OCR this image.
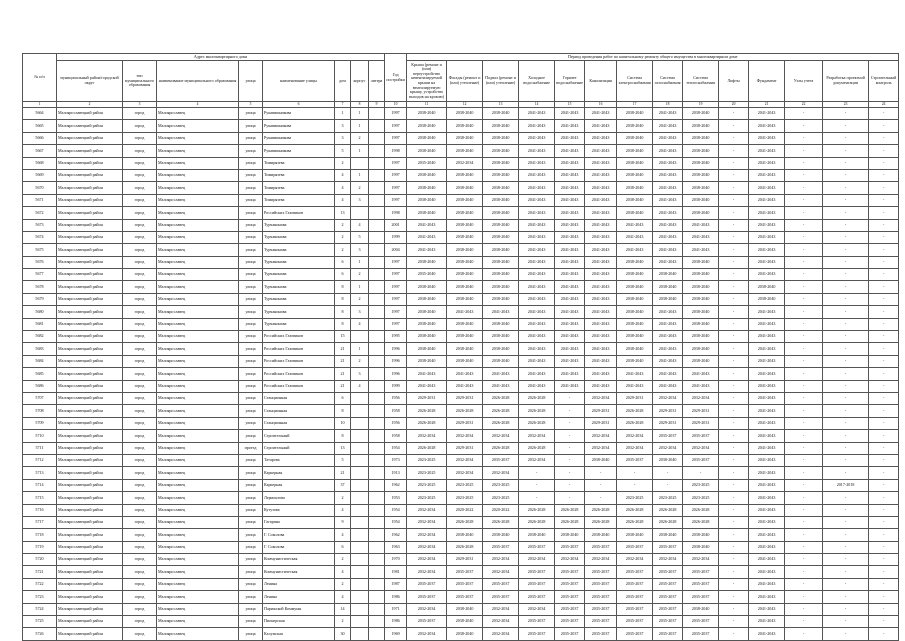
№ п/п	Адрес многоквартирного дома								Год постройки	Период проведения работ по капитальному ремонту общего имущества в многоквартирном доме													
	муниципальный район/городской округ	тип муниципального образования	наименование муниципального образования	улица	наименование улицы	дом	корпус	литера		Крыша (ремонт и (или) переустройство невентилируемой крыши на вентилируемую крышу, устройство выходов на кровлю)	Фасады (ремонт и (или) утепление)	Подвал (ремонт и (или) утепление)	Холодное водоснабжение	Горячее водоснабжение	Канализация	Система электроснабжения	Система газоснабжения	Система теплоснабжения	Лифты	Фундамент	Узлы учета	Разработка проектной документации	Строительный контроль
1	2	3	4	5	6	7	8	9	10	11	12	13	14	15	16	17	18	19	20	21	22	23	24
5664	Малоярославецкий район	город	Малоярославец	улица	Рукавишникова	1	1		1997	2038-2040	2038-2040	2038-2040	2041-2043	2041-2043	2041-2043	2038-2040	2041-2043	2038-2040	-	2041-2043	-	-	-
5665	Малоярославецкий район	город	Малоярославец	улица	Рукавишникова	3	1		1997	2038-2040	2038-2040	2038-2040	2041-2043	2041-2043	2041-2043	2038-2040	2041-2043	2038-2040	-	2041-2043	-	-	-
5666	Малоярославецкий район	город	Малоярославец	улица	Рукавишникова	3	2		1997	2038-2040	2038-2040	2038-2040	2041-2043	2041-2043	2041-2043	2038-2040	2041-2043	2038-2040	-	2041-2043	-	-	-
5667	Малоярославецкий район	город	Малоярославец	улица	Рукавишникова	5	1		1998	2038-2040	2038-2040	2038-2040	2041-2043	2041-2043	2041-2043	2038-2040	2041-2043	2038-2040	-	2041-2043	-	-	-
5668	Малоярославецкий район	город	Малоярославец	улица	Тимирязева	2			1997	2035-2040	2032-2034	2038-2040	2041-2043	2041-2043	2041-2043	2038-2040	2041-2043	2038-2040	-	2041-2043	-	-	-
5669	Малоярославецкий район	город	Малоярославец	улица	Тимирязева	4	1		1997	2038-2040	2038-2040	2038-2040	2041-2043	2041-2043	2041-2043	2038-2040	2041-2043	2038-2040	-	2041-2043	-	-	-
5670	Малоярославецкий район	город	Малоярославец	улица	Тимирязева	4	2		1997	2038-2040	2038-2040	2038-2040	2041-2043	2041-2043	2041-2043	2038-2040	2041-2043	2038-2040	-	2041-2043	-	-	-
5671	Малоярославецкий район	город	Малоярославец	улица	Тимирязева	4	3		1997	2038-2040	2038-2040	2038-2040	2041-2043	2041-2043	2041-2043	2038-2040	2041-2043	2038-2040	-	2041-2043	-	-	-
5672	Малоярославецкий район	город	Малоярославец	улица	Российских Газовиков	13			1998	2038-2040	2038-2040	2038-2040	2041-2043	2041-2043	2041-2043	2038-2040	2041-2043	2038-2040	-	2041-2043	-	-	-
5673	Малоярославецкий район	город	Малоярославец	улица	Турчанинова	2	4		2001	2041-2043	2038-2040	2038-2040	2041-2043	2041-2043	2041-2043	2041-2043	2041-2043	2041-2043	-	2041-2043	-	-	-
5674	Малоярославецкий район	город	Малоярославец	улица	Турчанинова	2	5		1999	2041-2043	2038-2040	2038-2040	2041-2043	2041-2043	2041-2043	2041-2043	2041-2043	2041-2043	-	2041-2043	-	-	-
5675	Малоярославецкий район	город	Малоярославец	улица	Турчанинова	2	3		2004	2041-2043	2038-2040	2038-2040	2041-2043	2041-2043	2041-2043	2041-2043	2041-2043	2041-2043	-	2041-2043	-	-	-
5676	Малоярославецкий район	город	Малоярославец	улица	Турчанинова	6	1		1997	2038-2040	2038-2040	2038-2040	2041-2043	2041-2043	2041-2043	2038-2040	2041-2043	2038-2040	-	2041-2043	-	-	-
5677	Малоярославецкий район	город	Малоярославец	улица	Турчанинова	6	2		1997	2035-2040	2038-2040	2038-2040	2041-2043	2041-2043	2041-2043	2038-2040	2038-2040	2038-2040	-	2041-2043	-	-	-
5678	Малоярославецкий район	город	Малоярославец	улица	Турчанинова	8	1		1997	2038-2040	2038-2040	2038-2040	2041-2043	2041-2043	2041-2043	2038-2040	2038-2040	2038-2040	-	2038-2040	-	-	-
5679	Малоярославецкий район	город	Малоярославец	улица	Турчанинова	8	2		1997	2038-2040	2038-2040	2038-2040	2041-2043	2041-2043	2041-2043	2038-2040	2038-2040	2038-2040	-	2038-2040	-	-	-
5680	Малоярославецкий район	город	Малоярославец	улица	Турчанинова	8	3		1997	2038-2040	2041-2043	2041-2043	2041-2043	2041-2043	2041-2043	2038-2040	2041-2043	2038-2040	-	2041-2043	-	-	-
5681	Малоярославецкий район	город	Малоярославец	улица	Турчанинова	8	4		1997	2038-2040	2038-2040	2038-2040	2041-2043	2041-2043	2041-2043	2038-2040	2041-2043	2038-2040	-	2041-2043	-	-	-
5682	Малоярославецкий район	город	Малоярославец	улица	Российских Газовиков	15			1995	2038-2040	2038-2040	2038-2040	2041-2043	2041-2043	2041-2043	2038-2040	2041-2043	2038-2040	-	2041-2043	-	-	-
5683	Малоярославецкий район	город	Малоярославец	улица	Российских Газовиков	21	1		1996	2038-2040	2038-2040	2038-2040	2041-2043	2041-2043	2041-2043	2038-2040	2041-2043	2038-2040	-	2041-2043	-	-	-
5684	Малоярославецкий район	город	Малоярославец	улица	Российских Газовиков	21	2		1996	2038-2040	2038-2040	2038-2040	2041-2043	2041-2043	2041-2043	2038-2040	2041-2043	2038-2040	-	2041-2043	-	-	-
5685	Малоярославецкий район	город	Малоярославец	улица	Российских Газовиков	21	3		1996	2041-2043	2041-2043	2041-2043	2041-2043	2041-2043	2041-2043	2041-2043	2041-2043	2041-2043	-	2041-2043	-	-	-
5686	Малоярославецкий район	город	Малоярославец	улица	Российских Газовиков	21	4		1999	2041-2043	2041-2043	2041-2043	2041-2043	2041-2043	2041-2043	2041-2043	2041-2043	2041-2043	-	2041-2043	-	-	-
5707	Малоярославецкий район	город	Малоярославец	улица	Станционная	6			1956	2029-2031	2029-2031	2026-2028	2026-2028	-	2032-2034	2029-2031	2032-2034	2032-2034	-	2041-2043	-	-	-
5708	Малоярославецкий район	город	Малоярославец	улица	Станционная	8			1958	2026-2028	2026-2028	2026-2028	2026-2028	-	2029-2031	2026-2028	2029-2031	2029-2031	-	2041-2043	-	-	-
5709	Малоярославецкий район	город	Малоярославец	улица	Станционная	10			1956	2026-2028	2029-2031	2026-2028	2026-2028	-	2029-2031	2026-2028	2029-2031	2029-2031	-	2041-2043	-	-	-
5710	Малоярославецкий район	город	Малоярославец	улица	Строительный	8			1958	2032-2034	2032-2034	2032-2034	2032-2034	-	2032-2034	2032-2034	2035-2037	2035-2037	-	2041-2043	-	-	-
5711	Малоярославецкий район	город	Малоярославец	проезд	Строительный	13			1954	2026-2028	2029-2031	2026-2028	2026-2028	-	2032-2034	2032-2034	2032-2034	2032-2034	-	2041-2043	-	-	-
5712	Малоярославецкий район	город	Малоярославец	улица	Татарова	5			1973	2023-2025	2032-2034	2035-2037	2032-2034	-	2038-2040	2035-2037	2038-2040	2035-2037	-	2041-2043	-	-	-
5713	Малоярославецкий район	город	Малоярославец	улица	Карьерная	21			1913	2023-2025	2032-2034	2032-2034	-	-	-	-	-	-	-	2041-2043	-	-	-
5714	Малоярославецкий район	город	Малоярославец	улица	Карьерная	37			1962	2023-2025	2023-2025	2023-2025	-	-	-	-	-	2023-2025	-	2041-2043	-	2017-2018	-
5715	Малоярославецкий район	город	Малоярославец	улица	Лермонтова	2			1953	2023-2025	2023-2025	2023-2025	-	-	-	2023-2025	2023-2025	2023-2025	-	2041-2043	-	-	-
5716	Малоярославецкий район	город	Малоярославец	улица	Кутузова	4			1954	2032-2034	2020-2022	2020-2022	2026-2028	2026-2028	2026-2028	2026-2028	2026-2028	2026-2028	-	2041-2043	-	-	-
5717	Малоярославецкий район	город	Малоярославец	улица	Гагарина	9			1954	2032-2034	2026-2028	2026-2028	2026-2028	2026-2028	2026-2028	2026-2028	2026-2028	2026-2028	-	2041-2043	-	-	-
5718	Малоярославецкий район	город	Малоярославец	улица	Г. Соколова	4			1962	2032-2034	2038-2040	2038-2040	2038-2040	2038-2040	2038-2040	2038-2040	2038-2040	2038-2040	-	2041-2043	-	-	-
5719	Малоярославецкий район	город	Малоярославец	улица	Г. Соколова	6			1963	2032-2034	2026-2028	2035-2037	2035-2037	2035-2037	2035-2037	2035-2037	2035-2037	2038-2040	-	2041-2043	-	-	-
5720	Малоярославецкий район	город	Малоярославец	улица	Коммунистическая	2			1970	2032-2034	2029-2031	2032-2034	2032-2034	2032-2034	2032-2034	2032-2034	2032-2034	2032-2034	-	2041-2043	-	-	-
5721	Малоярославецкий район	город	Малоярославец	улица	Коммунистическая	4			1981	2032-2034	2035-2037	2032-2034	2035-2037	2035-2037	2035-2037	2035-2037	2035-2037	2035-2037	-	2041-2043	-	-	-
5722	Малоярославецкий район	город	Малоярославец	улица	Ленина	2			1987	2035-2037	2035-2037	2035-2037	2035-2037	2035-2037	2035-2037	2035-2037	2035-2037	2035-2037	-	2041-2043	-	-	-
5723	Малоярославецкий район	город	Малоярославец	улица	Ленина	4			1986	2035-2037	2035-2037	2035-2037	2035-2037	2035-2037	2035-2037	2035-2037	2035-2037	2035-2037	-	2041-2043	-	-	-
5724	Малоярославецкий район	город	Малоярославец	улица	Парижской Коммуны	14			1971	2032-2034	2038-2040	2032-2034	2032-2034	2035-2037	2035-2037	2035-2037	2035-2037	2038-2040	-	2041-2043	-	-	-
5725	Малоярославецкий район	город	Малоярославец	улица	Пионерская	2			1986	2035-2037	2038-2040	2032-2034	2035-2037	2035-2037	2035-2037	2035-2037	2035-2037	2035-2037	-	2041-2043	-	-	-
5726	Малоярославецкий район	город	Малоярославец	улица	Калужская	30			1969	2032-2034	2038-2040	2032-2034	2035-2037	2035-2037	2035-2037	2035-2037	2035-2037	2035-2037	-	2041-2043	-	-	-
